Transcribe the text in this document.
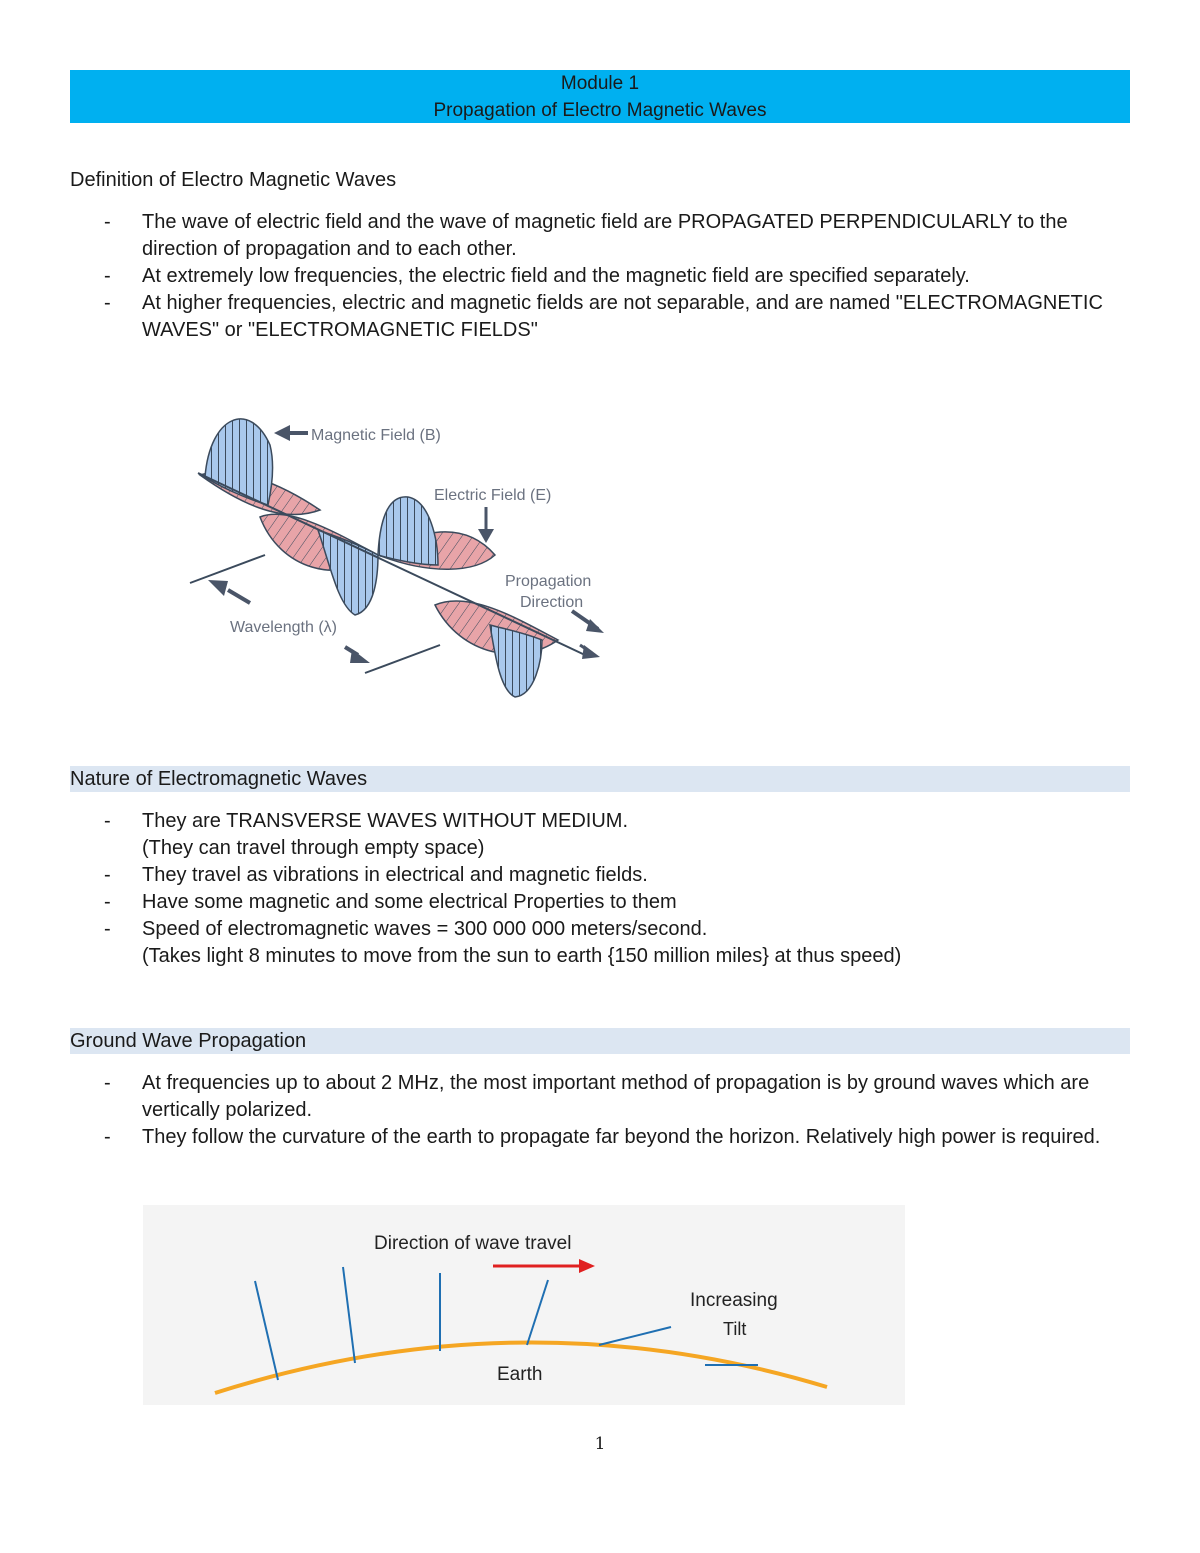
Module 1
Propagation of Electro Magnetic Waves
Definition of Electro Magnetic Waves
- The wave of electric field and the wave of magnetic field are PROPAGATED PERPENDICULARLY to the direction of propagation and to each other.
- At extremely low frequencies, the electric field and the magnetic field are specified separately.
- At higher frequencies, electric and magnetic fields are not separable, and are named "ELECTROMAGNETIC WAVES" or "ELECTROMAGNETIC FIELDS"
Magnetic Field (B)
Electric Field (E)
Propagation
Direction
Wavelength (λ)
Nature of Electromagnetic Waves
- They are TRANSVERSE WAVES WITHOUT MEDIUM.
(They can travel through empty space)
- They travel as vibrations in electrical and magnetic fields.
- Have some magnetic and some electrical Properties to them
- Speed of electromagnetic waves = 300 000 000 meters/second.
(Takes light 8 minutes to move from the sun to earth {150 million miles} at thus speed)
Ground Wave Propagation
- At frequencies up to about 2 MHz, the most important method of propagation is by ground waves which are vertically polarized.
- They follow the curvature of the earth to propagate far beyond the horizon. Relatively high power is required.
Direction of wave travel
Increasing
Tilt
Earth
1
